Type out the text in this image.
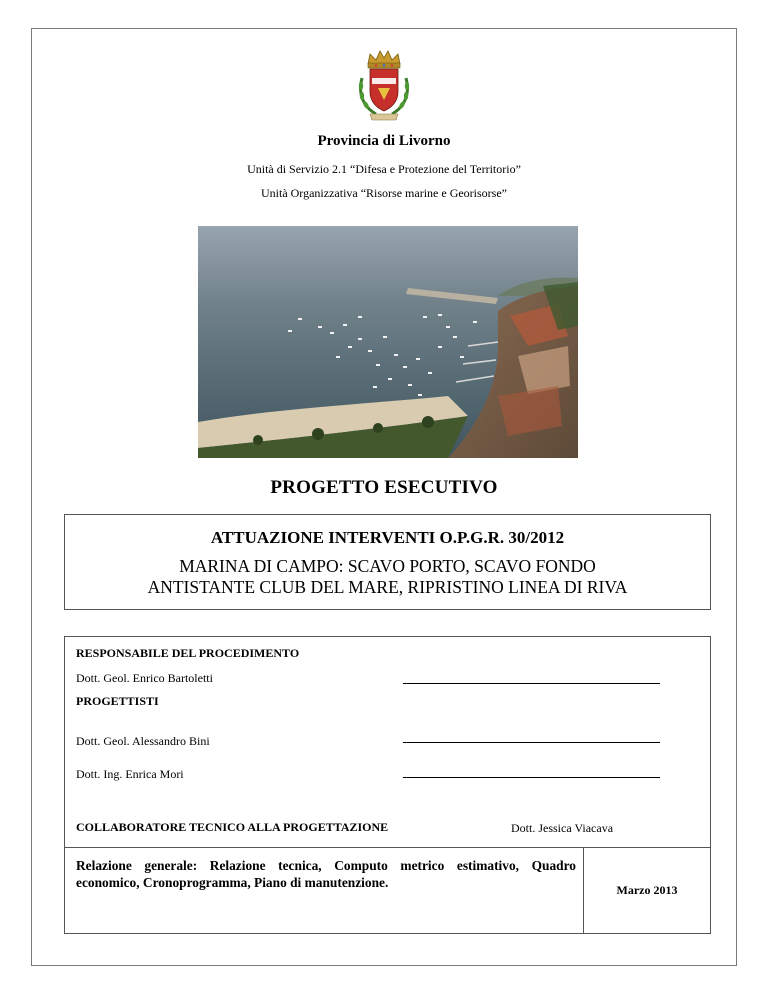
Provincia di Livorno
Unità di Servizio 2.1 “Difesa e Protezione del Territorio”
Unità Organizzativa “Risorse marine e Georisorse”
PROGETTO ESECUTIVO
ATTUAZIONE INTERVENTI O.P.G.R. 30/2012
MARINA DI CAMPO: SCAVO PORTO, SCAVO FONDO
ANTISTANTE CLUB DEL MARE, RIPRISTINO LINEA DI RIVA
RESPONSABILE DEL PROCEDIMENTO
Dott. Geol. Enrico Bartoletti
PROGETTISTI
Dott. Geol. Alessandro Bini
Dott. Ing. Enrica Mori
COLLABORATORE TECNICO ALLA PROGETTAZIONE	Dott. Jessica Viacava
Relazione generale: Relazione tecnica, Computo metrico estimativo, Quadro economico, Cronoprogramma, Piano di manutenzione.	Marzo 2013
